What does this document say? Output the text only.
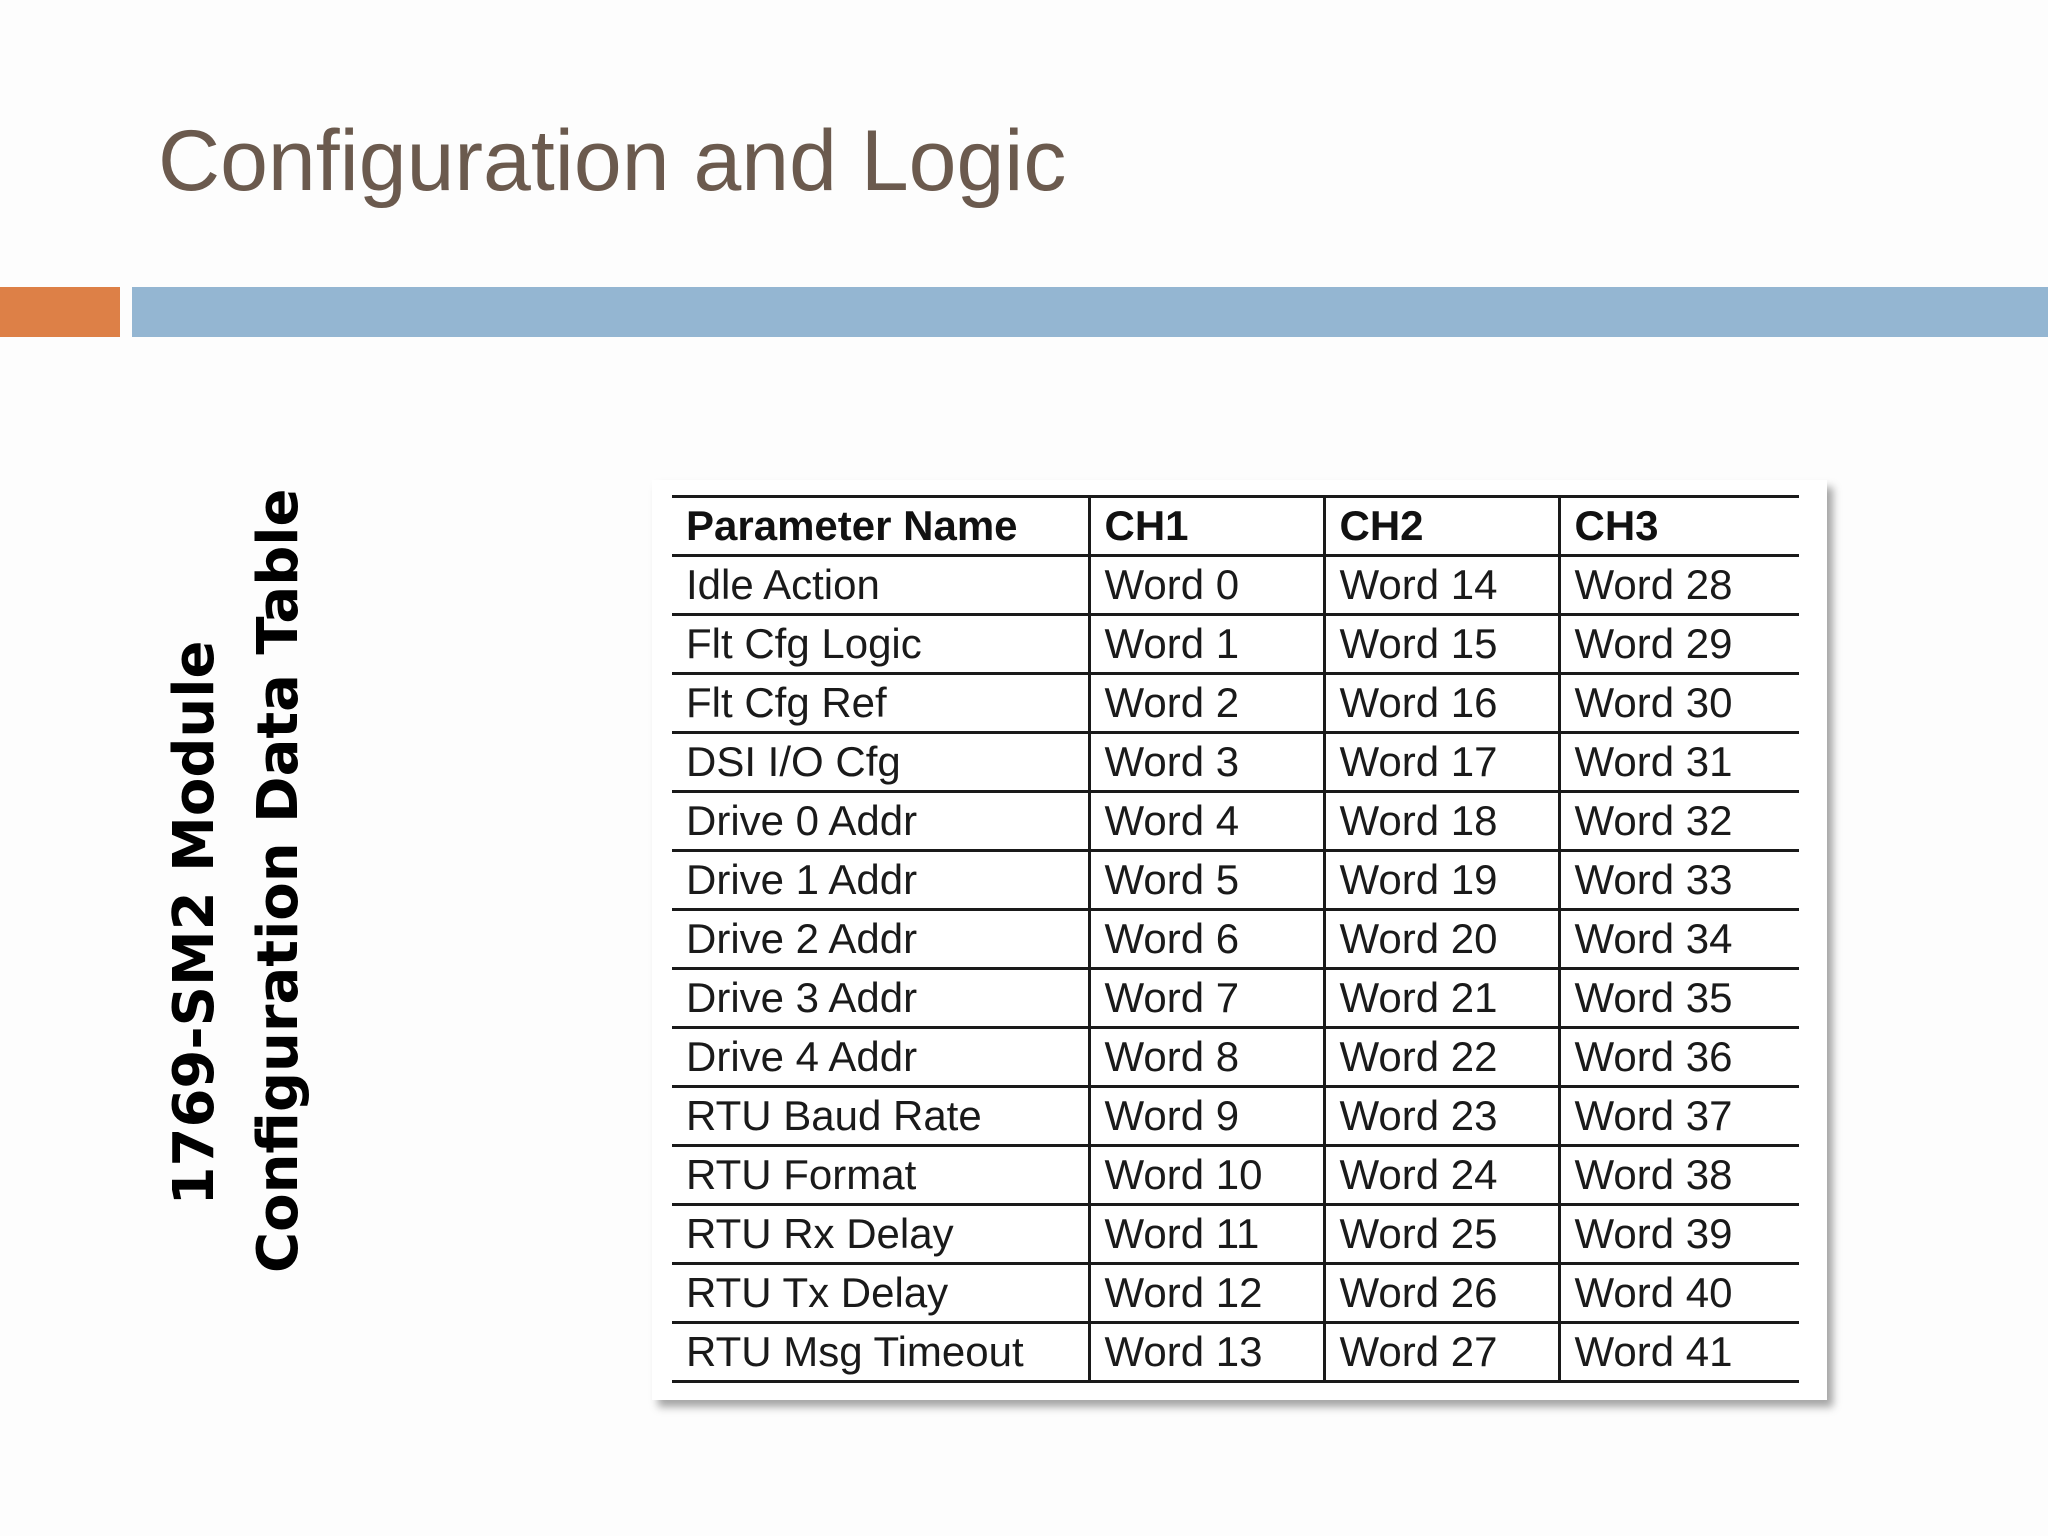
Configuration and Logic
1769-SM2 Module Configuration Data Table	Parameter Name	CH1	CH2	CH3
Idle Action	Word 0	Word 14	Word 28
Flt Cfg Logic	Word 1	Word 15	Word 29
Flt Cfg Ref	Word 2	Word 16	Word 30
DSI I/O Cfg	Word 3	Word 17	Word 31
Drive 0 Addr	Word 4	Word 18	Word 32
Drive 1 Addr	Word 5	Word 19	Word 33
Drive 2 Addr	Word 6	Word 20	Word 34
Drive 3 Addr	Word 7	Word 21	Word 35
Drive 4 Addr	Word 8	Word 22	Word 36
RTU Baud Rate	Word 9	Word 23	Word 37
RTU Format	Word 10	Word 24	Word 38
RTU Rx Delay	Word 11	Word 25	Word 39
RTU Tx Delay	Word 12	Word 26	Word 40
RTU Msg Timeout	Word 13	Word 27	Word 41
